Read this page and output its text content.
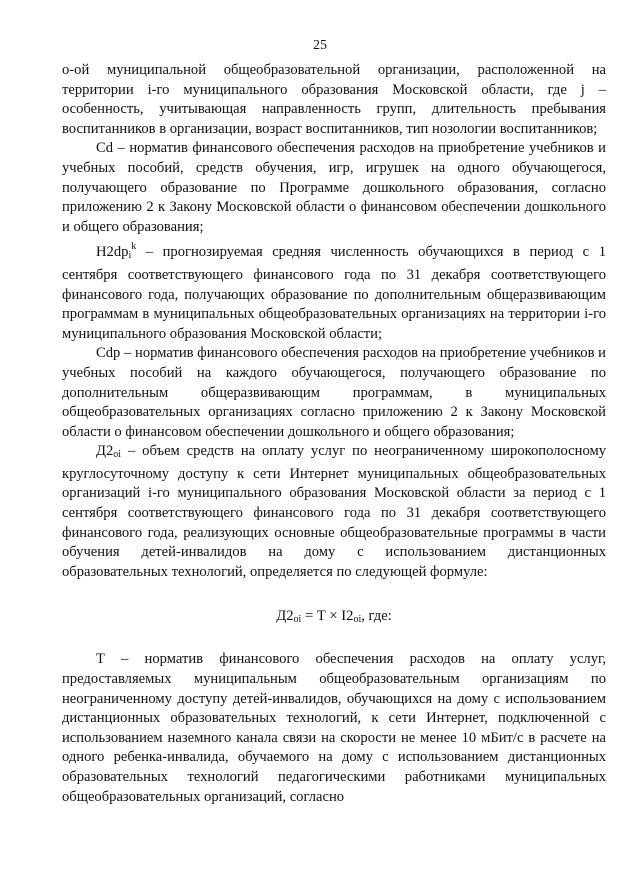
25

о-ой муниципальной общеобразовательной организации, расположенной на территории i-го муниципального образования Московской области, где j – особенность, учитывающая направленность групп, длительность пребывания воспитанников в организации, возраст воспитанников, тип нозологии воспитанников;

Cd – норматив финансового обеспечения расходов на приобретение учебников и учебных пособий, средств обучения, игр, игрушек на одного обучающегося, получающего образование по Программе дошкольного образования, согласно приложению 2 к Закону Московской области о финансовом обеспечении дошкольного и общего образования;

$H2dp_i^k$ – прогнозируемая средняя численность обучающихся в период с 1 сентября соответствующего финансового года по 31 декабря соответствующего финансового года, получающих образование по дополнительным общеразвивающим программам в муниципальных общеобразовательных организациях на территории i-го муниципального образования Московской области;

Cdp – норматив финансового обеспечения расходов на приобретение учебников и учебных пособий на каждого обучающегося, получающего образование по дополнительным общеразвивающим программам, в муниципальных общеобразовательных организациях согласно приложению 2 к Закону Московской области о финансовом обеспечении дошкольного и общего образования;

$Д2_{oi}$ – объем средств на оплату услуг по неограниченному широкополосному круглосуточному доступу к сети Интернет муниципальных общеобразовательных организаций i-го муниципального образования Московской области за период с 1 сентября соответствующего финансового года по 31 декабря соответствующего финансового года, реализующих основные общеобразовательные программы в части обучения детей-инвалидов на дому с использованием дистанционных образовательных технологий, определяется по следующей формуле:

$Д2_{oi} = Т \times I2_{oi}$, где:

Т – норматив финансового обеспечения расходов на оплату услуг, предоставляемых муниципальным общеобразовательным организациям по неограниченному доступу детей-инвалидов, обучающихся на дому с использованием дистанционных образовательных технологий, к сети Интернет, подключенной с использованием наземного канала связи на скорости не менее 10 мБит/с в расчете на одного ребенка-инвалида, обучаемого на дому с использованием дистанционных образовательных технологий педагогическими работниками муниципальных общеобразовательных организаций, согласно
